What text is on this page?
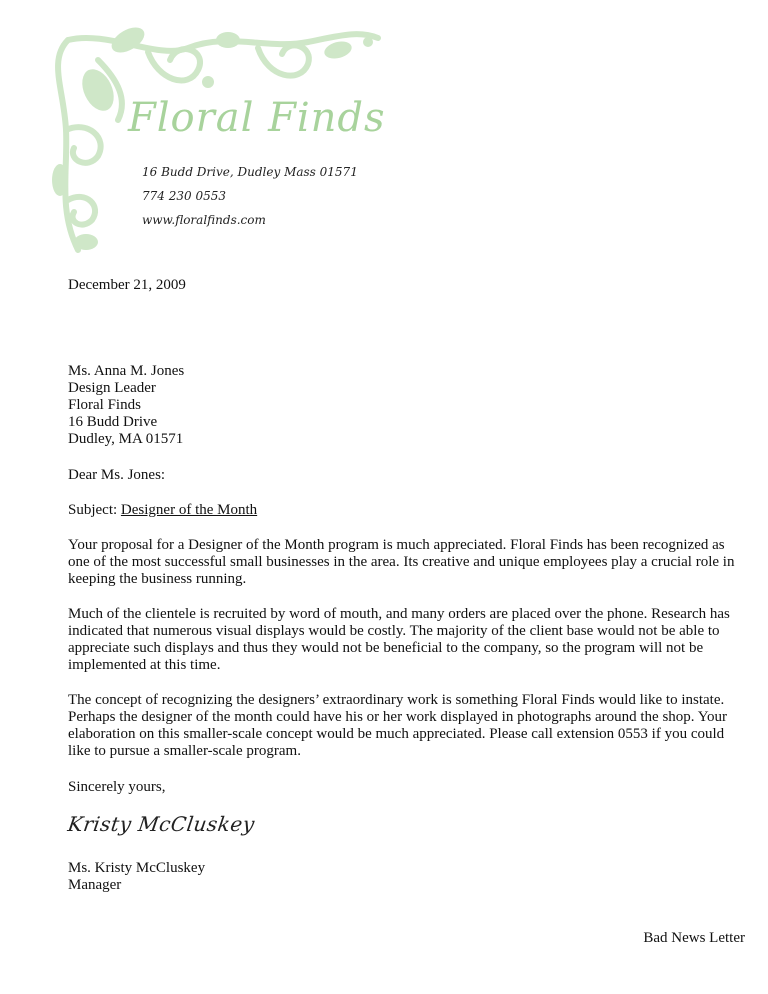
Floral Finds
16 Budd Drive, Dudley Mass 01571
774 230 0553
www.floralfinds.com
December 21, 2009
Ms. Anna M. Jones
Design Leader
Floral Finds
16 Budd Drive
Dudley, MA 01571
Dear Ms. Jones:
Subject: Designer of the Month
Your proposal for a Designer of the Month program is much appreciated. Floral Finds has been recognized as one of the most successful small businesses in the area. Its creative and unique employees play a crucial role in keeping the business running.
Much of the clientele is recruited by word of mouth, and many orders are placed over the phone. Research has indicated that numerous visual displays would be costly. The majority of the client base would not be able to appreciate such displays and thus they would not be beneficial to the company, so the program will not be implemented at this time.
The concept of recognizing the designers’ extraordinary work is something Floral Finds would like to instate. Perhaps the designer of the month could have his or her work displayed in photographs around the shop. Your elaboration on this smaller-scale concept would be much appreciated. Please call extension 0553 if you could like to pursue a smaller-scale program.
Sincerely yours,
Kristy McCluskey
Ms. Kristy McCluskey
Manager
Bad News Letter
